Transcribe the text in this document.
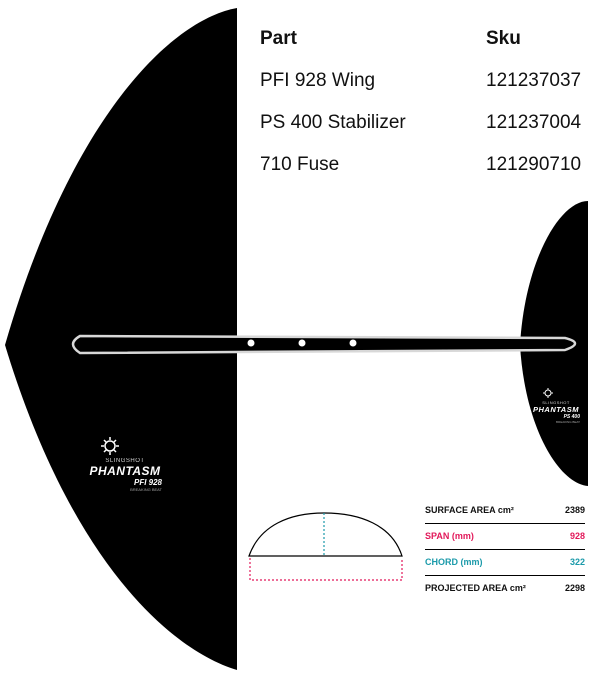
Part	Sku
PFI 928 Wing	121237037
PS 400 Stabilizer	121237004
710 Fuse	121290710
SLINGSHOT
PHANTASM
PFI 928
BREAKING BEAT
SLINGSHOT
PHANTASM
PS 400
BREAKING BEAT
SURFACE AREA cm²	2389
SPAN (mm)	928
CHORD (mm)	322
PROJECTED AREA cm²	2298
